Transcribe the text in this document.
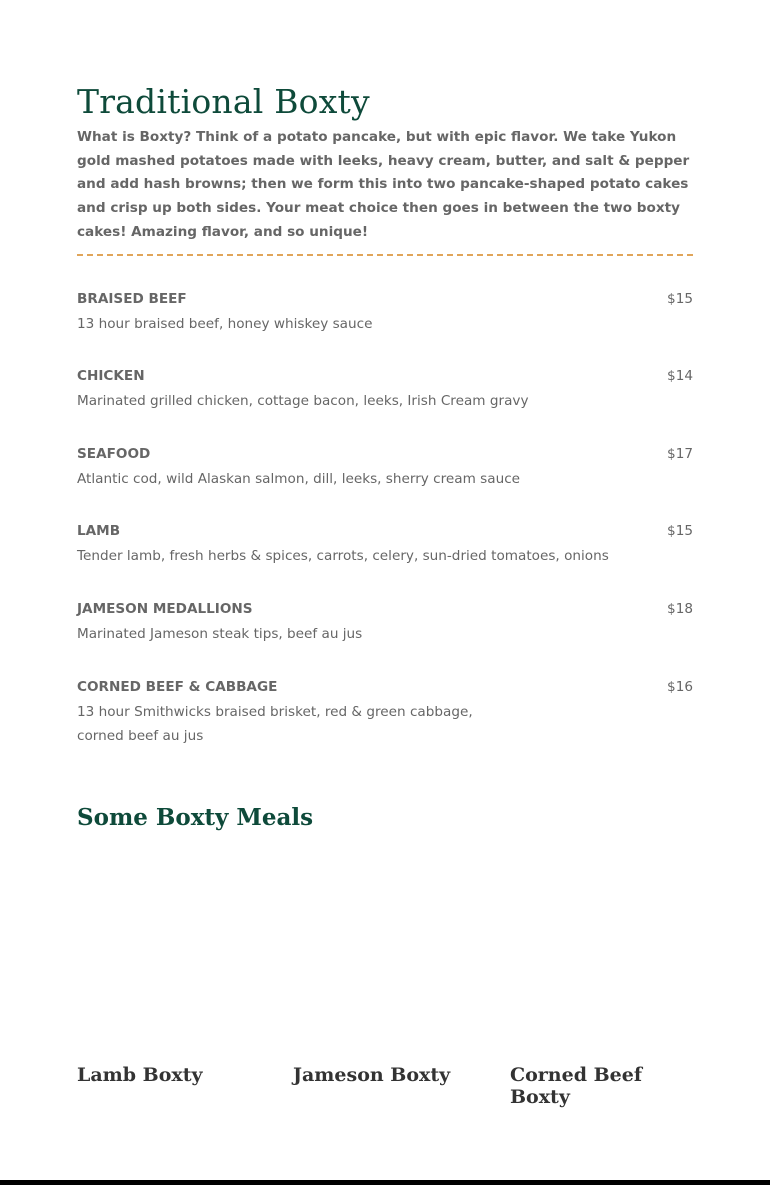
Traditional Boxty

What is Boxty? Think of a potato pancake, but with epic flavor. We take Yukon gold mashed potatoes made with leeks, heavy cream, butter, and salt & pepper and add hash browns; then we form this into two pancake-shaped potato cakes and crisp up both sides. Your meat choice then goes in between the two boxty cakes! Amazing flavor, and so unique!

BRAISED BEEF	$15

13 hour braised beef, honey whiskey sauce

CHICKEN	$14

Marinated grilled chicken, cottage bacon, leeks, Irish Cream gravy

SEAFOOD	$17

Atlantic cod, wild Alaskan salmon, dill, leeks, sherry cream sauce

LAMB	$15

Tender lamb, fresh herbs & spices, carrots, celery, sun-dried tomatoes, onions

JAMESON MEDALLIONS	$18

Marinated Jameson steak tips, beef au jus

CORNED BEEF & CABBAGE	$16

13 hour Smithwicks braised brisket, red & green cabbage, corned beef au jus

Some Boxty Meals
Lamb Boxty	Jameson Boxty	Corned Beef Boxty
